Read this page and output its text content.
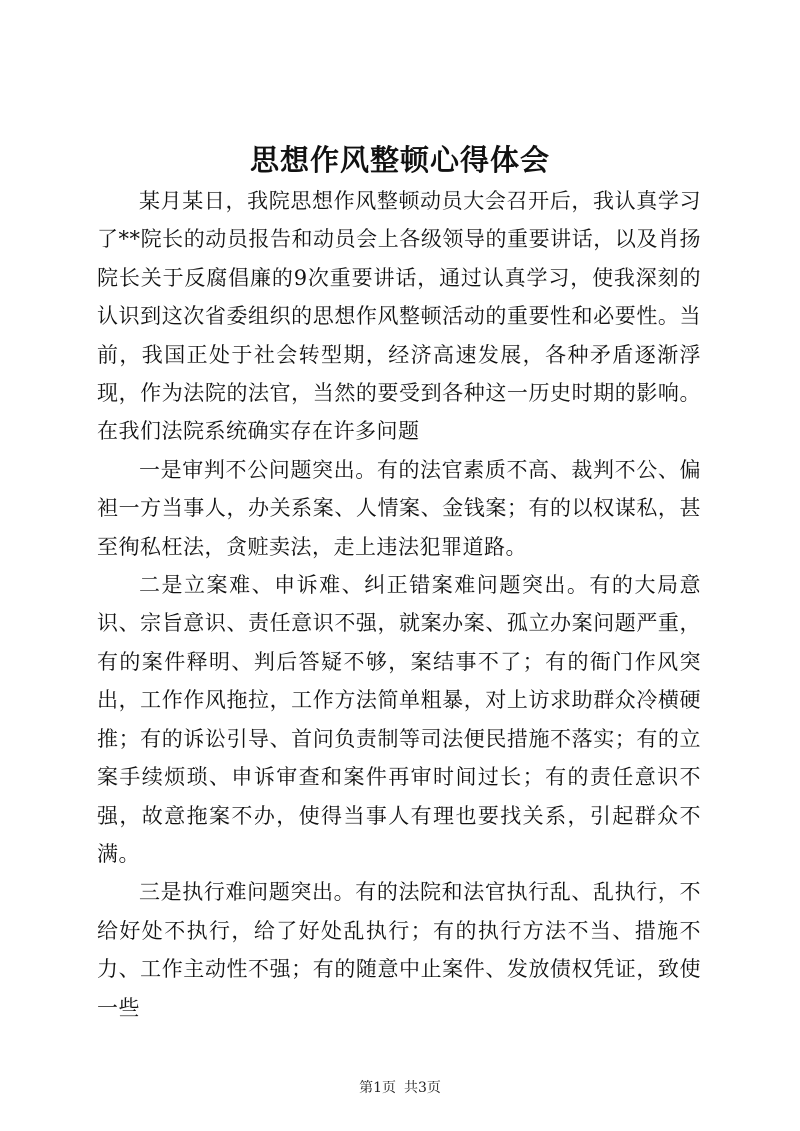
思想作风整顿心得体会

某月某日，我院思想作风整顿动员大会召开后，我认真学习了**院长的动员报告和动员会上各级领导的重要讲话，以及肖扬院长关于反腐倡廉的9次重要讲话，通过认真学习，使我深刻的认识到这次省委组织的思想作风整顿活动的重要性和必要性。当前，我国正处于社会转型期，经济高速发展，各种矛盾逐渐浮现，作为法院的法官，当然的要受到各种这一历史时期的影响。在我们法院系统确实存在许多问题

一是审判不公问题突出。有的法官素质不高、裁判不公、偏袒一方当事人，办关系案、人情案、金钱案；有的以权谋私，甚至徇私枉法，贪赃卖法，走上违法犯罪道路。

二是立案难、申诉难、纠正错案难问题突出。有的大局意识、宗旨意识、责任意识不强，就案办案、孤立办案问题严重，有的案件释明、判后答疑不够，案结事不了；有的衙门作风突出，工作作风拖拉，工作方法简单粗暴，对上访求助群众冷横硬推；有的诉讼引导、首问负责制等司法便民措施不落实；有的立案手续烦琐、申诉审查和案件再审时间过长；有的责任意识不强，故意拖案不办，使得当事人有理也要找关系，引起群众不满。

三是执行难问题突出。有的法院和法官执行乱、乱执行，不给好处不执行，给了好处乱执行；有的执行方法不当、措施不力、工作主动性不强；有的随意中止案件、发放债权凭证，致使一些

第1页 共3页
